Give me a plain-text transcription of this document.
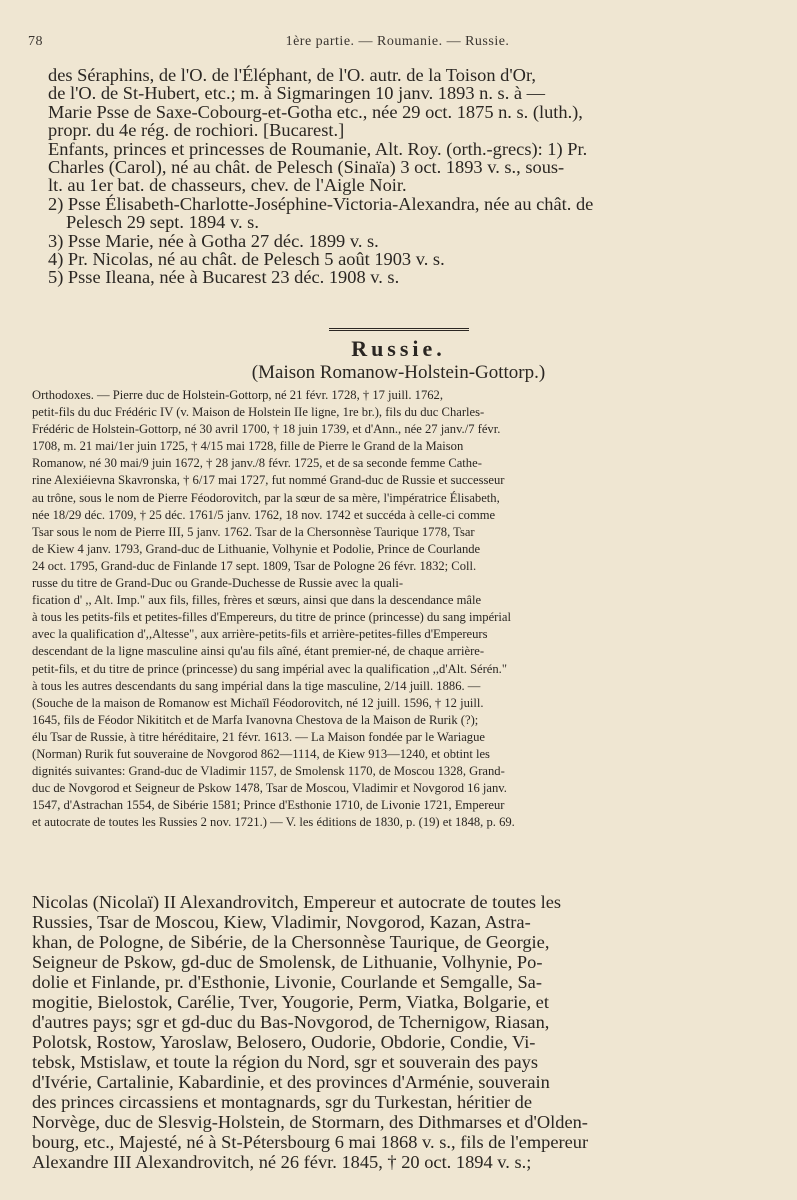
78	1ère partie. — Roumanie. — Russie.

des Séraphins, de l'O. de l'Éléphant, de l'O. autr. de la Toison d'Or,

de l'O. de St-Hubert, etc.; m. à Sigmaringen 10 janv. 1893 n. s. à —

Marie Psse de Saxe-Cobourg-et-Gotha etc., née 29 oct. 1875 n. s. (luth.),

propr. du 4e rég. de rochiori. [Bucarest.]

Enfants, princes et princesses de Roumanie, Alt. Roy. (orth.-grecs): 1) Pr.

Charles (Carol), né au chât. de Pelesch (Sinaïa) 3 oct. 1893 v. s., sous-

lt. au 1er bat. de chasseurs, chev. de l'Aigle Noir.

2) Psse Élisabeth-Charlotte-Joséphine-Victoria-Alexandra, née au chât. de

Pelesch 29 sept. 1894 v. s.

3) Psse Marie, née à Gotha 27 déc. 1899 v. s.

4) Pr. Nicolas, né au chât. de Pelesch 5 août 1903 v. s.

5) Psse Ileana, née à Bucarest 23 déc. 1908 v. s.

Russie.
(Maison Romanow-Holstein-Gottorp.)

Orthodoxes. — Pierre duc de Holstein-Gottorp, né 21 févr. 1728, † 17 juill. 1762,

petit-fils du duc Frédéric IV (v. Maison de Holstein IIe ligne, 1re br.), fils du duc Charles-

Frédéric de Holstein-Gottorp, né 30 avril 1700, † 18 juin 1739, et d'Ann., née 27 janv./7 févr.

1708, m. 21 mai/1er juin 1725, † 4/15 mai 1728, fille de Pierre le Grand de la Maison

Romanow, né 30 mai/9 juin 1672, † 28 janv./8 févr. 1725, et de sa seconde femme Cathe-

rine Alexiéievna Skavronska, † 6/17 mai 1727, fut nommé Grand-duc de Russie et successeur

au trône, sous le nom de Pierre Féodorovitch, par la sœur de sa mère, l'impératrice Élisabeth,

née 18/29 déc. 1709, † 25 déc. 1761/5 janv. 1762, 18 nov. 1742 et succéda à celle-ci comme

Tsar sous le nom de Pierre III, 5 janv. 1762. Tsar de la Chersonnèse Taurique 1778, Tsar

de Kiew 4 janv. 1793, Grand-duc de Lithuanie, Volhynie et Podolie, Prince de Courlande

24 oct. 1795, Grand-duc de Finlande 17 sept. 1809, Tsar de Pologne 26 févr. 1832; Coll.

russe du titre de Grand-Duc ou Grande-Duchesse de Russie avec la quali-

fication d' ,, Alt. Imp." aux fils, filles, frères et sœurs, ainsi que dans la descendance mâle

à tous les petits-fils et petites-filles d'Empereurs, du titre de prince (princesse) du sang impérial

avec la qualification d',,Altesse", aux arrière-petits-fils et arrière-petites-filles d'Empereurs

descendant de la ligne masculine ainsi qu'au fils aîné, étant premier-né, de chaque arrière-

petit-fils, et du titre de prince (princesse) du sang impérial avec la qualification ,,d'Alt. Sérén."

à tous les autres descendants du sang impérial dans la tige masculine, 2/14 juill. 1886. —

(Souche de la maison de Romanow est Michaïl Féodorovitch, né 12 juill. 1596, † 12 juill.

1645, fils de Féodor Nikititch et de Marfa Ivanovna Chestova de la Maison de Rurik (?);

élu Tsar de Russie, à titre héréditaire, 21 févr. 1613. — La Maison fondée par le Wariague

(Norman) Rurik fut souveraine de Novgorod 862—1114, de Kiew 913—1240, et obtint les

dignités suivantes: Grand-duc de Vladimir 1157, de Smolensk 1170, de Moscou 1328, Grand-

duc de Novgorod et Seigneur de Pskow 1478, Tsar de Moscou, Vladimir et Novgorod 16 janv.

1547, d'Astrachan 1554, de Sibérie 1581; Prince d'Esthonie 1710, de Livonie 1721, Empereur

et autocrate de toutes les Russies 2 nov. 1721.) — V. les éditions de 1830, p. (19) et 1848, p. 69.

Nicolas (Nicolaï) II Alexandrovitch, Empereur et autocrate de toutes les

Russies, Tsar de Moscou, Kiew, Vladimir, Novgorod, Kazan, Astra-

khan, de Pologne, de Sibérie, de la Chersonnèse Taurique, de Georgie,

Seigneur de Pskow, gd-duc de Smolensk, de Lithuanie, Volhynie, Po-

dolie et Finlande, pr. d'Esthonie, Livonie, Courlande et Semgalle, Sa-

mogitie, Bielostok, Carélie, Tver, Yougorie, Perm, Viatka, Bolgarie, et

d'autres pays; sgr et gd-duc du Bas-Novgorod, de Tchernigow, Riasan,

Polotsk, Rostow, Yaroslaw, Belosero, Oudorie, Obdorie, Condie, Vi-

tebsk, Mstislaw, et toute la région du Nord, sgr et souverain des pays

d'Ivérie, Cartalinie, Kabardinie, et des provinces d'Arménie, souverain

des princes circassiens et montagnards, sgr du Turkestan, héritier de

Norvège, duc de Slesvig-Holstein, de Stormarn, des Dithmarses et d'Olden-

bourg, etc., Majesté, né à St-Pétersbourg 6 mai 1868 v. s., fils de l'empereur

Alexandre III Alexandrovitch, né 26 févr. 1845, † 20 oct. 1894 v. s.;
